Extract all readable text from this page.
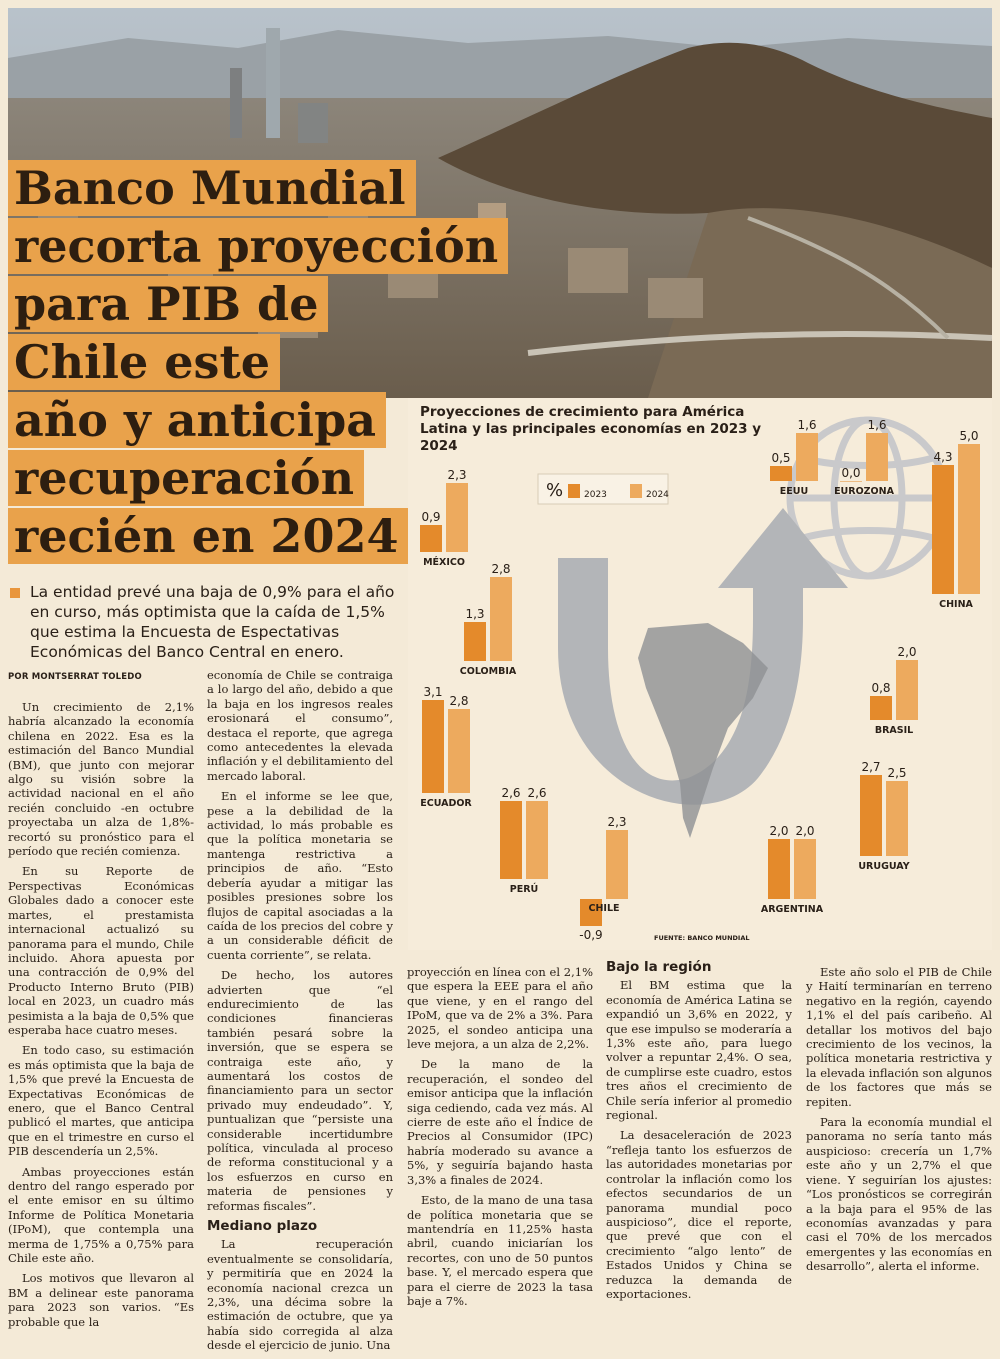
Banco Mundial
recorta proyección
para PIB de
Chile este
año y anticipa
recuperación
recién en 2024
La entidad prevé una baja de 0,9% para el año en curso, más optimista que la caída de 1,5% que estima la Encuesta de Espectativas Económicas del Banco Central en enero.
POR MONTSERRAT TOLEDO

Un crecimiento de 2,1% habría alcanzado la economía chilena en 2022. Esa es la estimación del Banco Mundial (BM), que junto con mejorar algo su visión sobre la actividad nacional en el año recién concluido -en octubre proyectaba un alza de 1,8%- recortó su pronóstico para el período que recién comienza.

En su Reporte de Perspectivas Económicas Globales dado a conocer este martes, el prestamista internacional actualizó su panorama para el mundo, Chile incluido. Ahora apuesta por una contracción de 0,9% del Producto Interno Bruto (PIB) local en 2023, un cuadro más pesimista a la baja de 0,5% que esperaba hace cuatro meses.

En todo caso, su estimación es más optimista que la baja de 1,5% que prevé la Encuesta de Expectativas Económicas de enero, que el Banco Central publicó el martes, que anticipa que en el trimestre en curso el PIB descendería un 2,5%.

Ambas proyecciones están dentro del rango esperado por el ente emisor en su último Informe de Política Monetaria (IPoM), que contempla una merma de 1,75% a 0,75% para Chile este año.

Los motivos que llevaron al BM a delinear este panorama para 2023 son varios. “Es probable que la

economía de Chile se contraiga a lo largo del año, debido a que la baja en los ingresos reales erosionará el consumo”, destaca el reporte, que agrega como antecedentes la elevada inflación y el debilitamiento del mercado laboral.

En el informe se lee que, pese a la debilidad de la actividad, lo más probable es que la política monetaria se mantenga restrictiva a principios de año. “Esto debería ayudar a mitigar las posibles presiones sobre los flujos de capital asociadas a la caída de los precios del cobre y a un considerable déficit de cuenta corriente”, se relata.

De hecho, los autores advierten que “el endurecimiento de las condiciones financieras también pesará sobre la inversión, que se espera se contraiga este año, y aumentará los costos de financiamiento para un sector privado muy endeudado”. Y, puntualizan que “persiste una considerable incertidumbre política, vinculada al proceso de reforma constitucional y a los esfuerzos en curso en materia de pensiones y reformas fiscales”.

Mediano plazo

La recuperación eventualmente se consolidaría, y permitiría que en 2024 la economía nacional crezca un 2,3%, una décima sobre la estimación de octubre, que ya había sido corregida al alza desde el ejercicio de junio. Una

proyección en línea con el 2,1% que espera la EEE para el año que viene, y en el rango del IPoM, que va de 2% a 3%. Para 2025, el sondeo anticipa una leve mejora, a un alza de 2,2%.

De la mano de la recuperación, el sondeo del emisor anticipa que la inflación siga cediendo, cada vez más. Al cierre de este año el Índice de Precios al Consumidor (IPC) habría moderado su avance a 5%, y seguiría bajando hasta 3,3% a finales de 2024.

Esto, de la mano de una tasa de política monetaria que se mantendría en 11,25% hasta abril, cuando iniciarían los recortes, con uno de 50 puntos base. Y, el mercado espera que para el cierre de 2023 la tasa baje a 7%.

Bajo la región

El BM estima que la economía de América Latina se expandió un 3,6% en 2022, y que ese impulso se moderaría a 1,3% este año, para luego volver a repuntar 2,4%. O sea, de cumplirse este cuadro, estos tres años el crecimiento de Chile sería inferior al promedio regional.

La desaceleración de 2023 “refleja tanto los esfuerzos de las autoridades monetarias por controlar la inflación como los efectos secundarios de un panorama mundial poco auspicioso”, dice el reporte, que prevé que con el crecimiento “algo lento” de Estados Unidos y China se reduzca la demanda de exportaciones.

Este año solo el PIB de Chile y Haití terminarían en terreno negativo en la región, cayendo 1,1% el del país caribeño. Al detallar los motivos del bajo crecimiento de los vecinos, la política monetaria restrictiva y la elevada inflación son algunos de los factores que más se repiten.

Para la economía mundial el panorama no sería tanto más auspicioso: crecería un 1,7% este año y un 2,7% el que viene. Y seguirían los ajustes: “Los pronósticos se corregirán a la baja para el 95% de las economías avanzadas y para casi el 70% de los mercados emergentes y las economías en desarrollo”, alerta el informe.

0,9
2,3
MÉXICO
1,3
2,8
COLOMBIA
3,1
2,8
ECUADOR
2,6 2,6
PERÚ
-0,9
2,3
CHILE
2,0 2,0
ARGENTINA
2,7 2,5
URUGUAY
0,8
2,0
BRASIL
0,5
1,6
EEUU
0,0
1,6
EUROZONA
4,3
5,0
CHINA
% 2023	2024
Proyecciones de crecimiento para América Latina y las principales economías en 2023 y 2024
FUENTE: BANCO MUNDIAL
